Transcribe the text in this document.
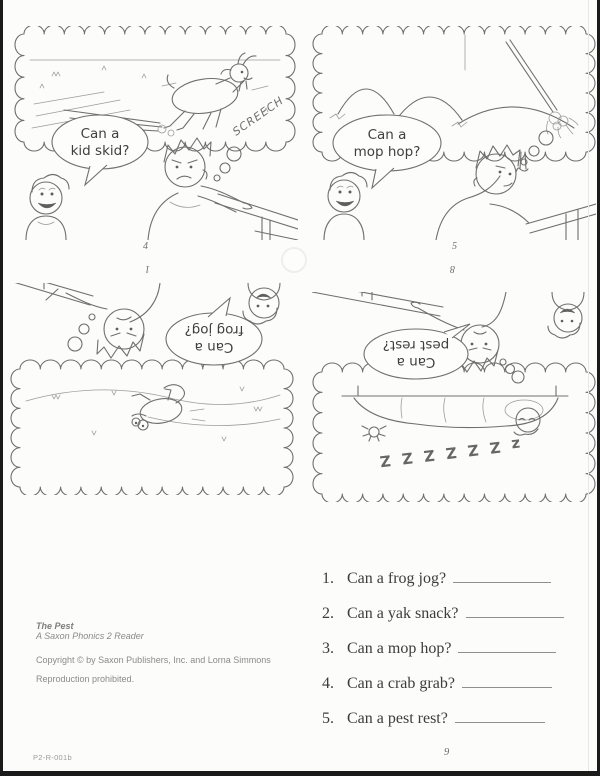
SCREECH
Can a
kid skid?
Can a
mop hop?
Can a
frog jog?
z Z Z Z Z Z Z
Can a
pest rest?
4	5
1	8
The Pest
A Saxon Phonics 2 Reader
Copyright © by Saxon Publishers, Inc. and Lorna Simmons
Reproduction prohibited.
1. Can a frog jog?
2. Can a yak snack?
3. Can a mop hop?
4. Can a crab grab?
5. Can a pest rest?
P2-R-001b	9
